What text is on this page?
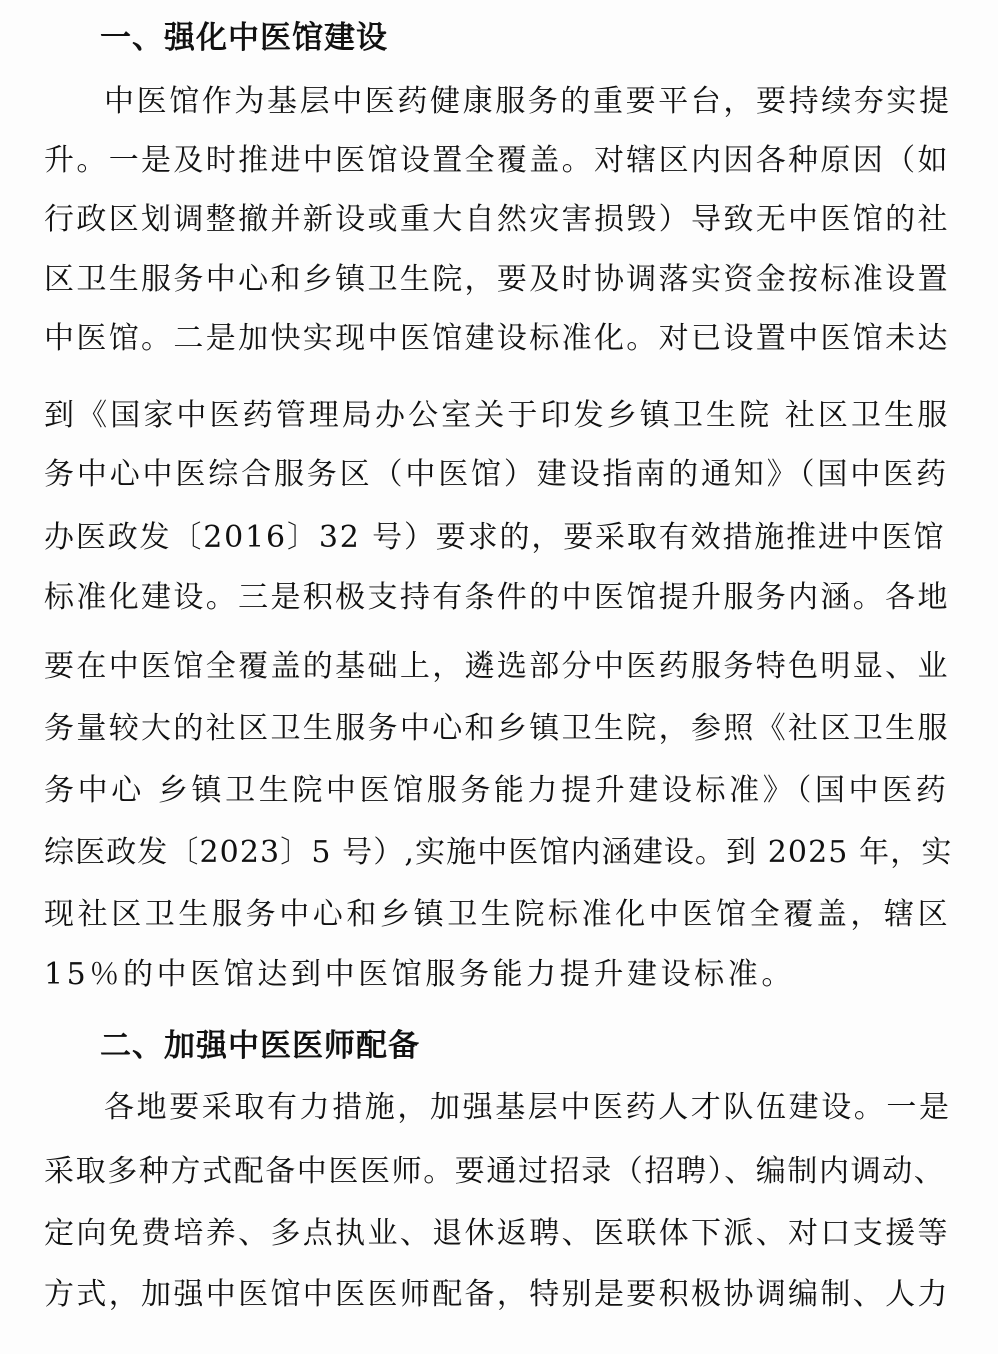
一、强化中医馆建设
中医馆作为基层中医药健康服务的重要平台，要持续夯实提
升。一是及时推进中医馆设置全覆盖。对辖区内因各种原因（如
行政区划调整撤并新设或重大自然灾害损毁）导致无中医馆的社
区卫生服务中心和乡镇卫生院，要及时协调落实资金按标准设置
中医馆。二是加快实现中医馆建设标准化。对已设置中医馆未达
到《国家中医药管理局办公室关于印发乡镇卫生院 社区卫生服
务中心中医综合服务区（中医馆）建设指南的通知》（国中医药
办医政发〔2016〕32 号）要求的，要采取有效措施推进中医馆
标准化建设。三是积极支持有条件的中医馆提升服务内涵。各地
要在中医馆全覆盖的基础上，遴选部分中医药服务特色明显、业
务量较大的社区卫生服务中心和乡镇卫生院，参照《社区卫生服
务中心 乡镇卫生院中医馆服务能力提升建设标准》（国中医药
综医政发〔2023〕5 号）,实施中医馆内涵建设。到 2025 年，实
现社区卫生服务中心和乡镇卫生院标准化中医馆全覆盖，辖区
15％的中医馆达到中医馆服务能力提升建设标准。
二、加强中医医师配备
各地要采取有力措施，加强基层中医药人才队伍建设。一是
采取多种方式配备中医医师。要通过招录（招聘）、编制内调动、
定向免费培养、多点执业、退休返聘、医联体下派、对口支援等
方式，加强中医馆中医医师配备，特别是要积极协调编制、人力
